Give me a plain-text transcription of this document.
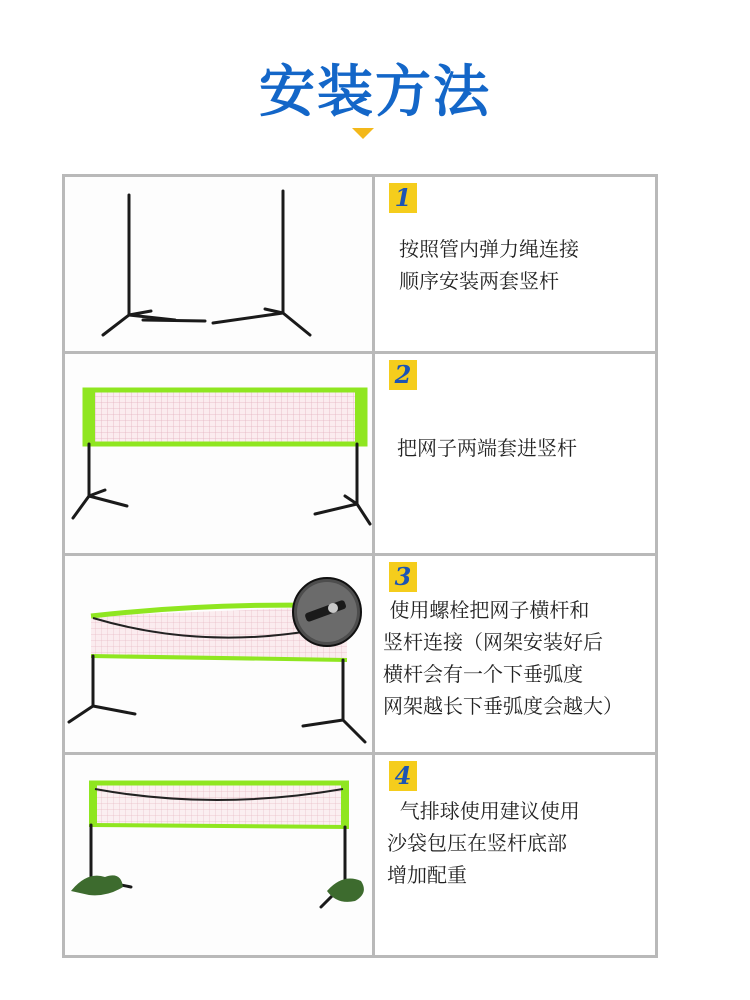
安装方法
1
按照管内弹力绳连接
顺序安装两套竖杆
2
把网子两端套进竖杆
3
使用螺栓把网子横杆和
竖杆连接（网架安装好后
横杆会有一个下垂弧度
网架越长下垂弧度会越大）
4
气排球使用建议使用
沙袋包压在竖杆底部
增加配重
